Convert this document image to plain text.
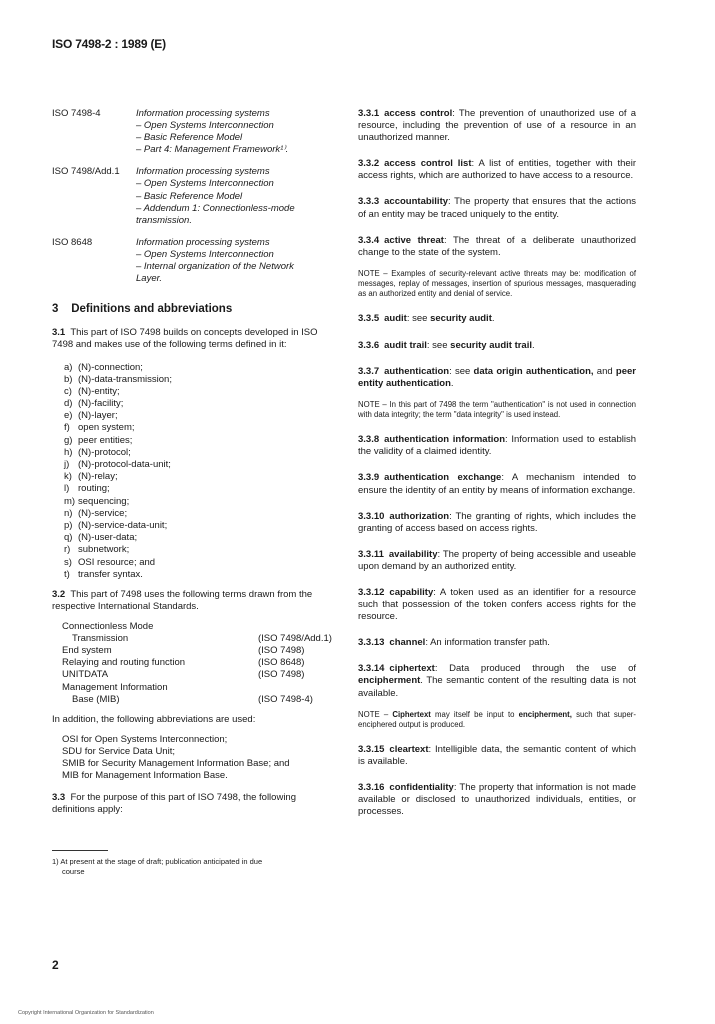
ISO 7498-2 : 1989 (E)
ISO 7498-4	Information processing systems
– Open Systems Interconnection
– Basic Reference Model
– Part 4: Management Framework¹⁾.
ISO 7498/Add.1	Information processing systems
– Open Systems Interconnection
– Basic Reference Model
– Addendum 1: Connectionless-mode
transmission.
ISO 8648	Information processing systems
– Open Systems Interconnection
– Internal organization of the Network
Layer.
3 Definitions and abbreviations
3.1 This part of ISO 7498 builds on concepts developed in ISO 7498 and makes use of the following terms defined in it:
a) (N)-connection;
b) (N)-data-transmission;
c) (N)-entity;
d) (N)-facility;
e) (N)-layer;
f) open system;
g) peer entities;
h) (N)-protocol;
j) (N)-protocol-data-unit;
k) (N)-relay;
l) routing;
m) sequencing;
n) (N)-service;
p) (N)-service-data-unit;
q) (N)-user-data;
r) subnetwork;
s) OSI resource; and
t) transfer syntax.
3.2 This part of 7498 uses the following terms drawn from the respective International Standards.
Connectionless Mode	
Transmission	(ISO 7498/Add.1)
End system	(ISO 7498)
Relaying and routing function	(ISO 8648)
UNITDATA	(ISO 7498)
Management Information	
Base (MIB)	(ISO 7498-4)
In addition, the following abbreviations are used:
OSI for Open Systems Interconnection;
SDU for Service Data Unit;
SMIB for Security Management Information Base; and
MIB for Management Information Base.
3.3 For the purpose of this part of ISO 7498, the following definitions apply:
1) At present at the stage of draft; publication anticipated in due
course
3.3.1 access control: The prevention of unauthorized use of a resource, including the prevention of use of a resource in an unauthorized manner.
3.3.2 access control list: A list of entities, together with their access rights, which are authorized to have access to a resource.
3.3.3 accountability: The property that ensures that the actions of an entity may be traced uniquely to the entity.
3.3.4 active threat: The threat of a deliberate unauthorized change to the state of the system.
NOTE – Examples of security-relevant active threats may be: modification of messages, replay of messages, insertion of spurious messages, masquerading as an authorized entity and denial of service.
3.3.5 audit: see security audit.
3.3.6 audit trail: see security audit trail.
3.3.7 authentication: see data origin authentication, and peer entity authentication.
NOTE – In this part of 7498 the term "authentication" is not used in connection with data integrity; the term "data integrity" is used instead.
3.3.8 authentication information: Information used to establish the validity of a claimed identity.
3.3.9 authentication exchange: A mechanism intended to ensure the identity of an entity by means of information exchange.
3.3.10 authorization: The granting of rights, which includes the granting of access based on access rights.
3.3.11 availability: The property of being accessible and useable upon demand by an authorized entity.
3.3.12 capability: A token used as an identifier for a resource such that possession of the token confers access rights for the resource.
3.3.13 channel: An information transfer path.
3.3.14 ciphertext: Data produced through the use of encipherment. The semantic content of the resulting data is not available.
NOTE – Ciphertext may itself be input to encipherment, such that super-enciphered output is produced.
3.3.15 cleartext: Intelligible data, the semantic content of which is available.
3.3.16 confidentiality: The property that information is not made available or disclosed to unauthorized individuals, entities, or processes.
2
Copyright International Organization for Standardization
